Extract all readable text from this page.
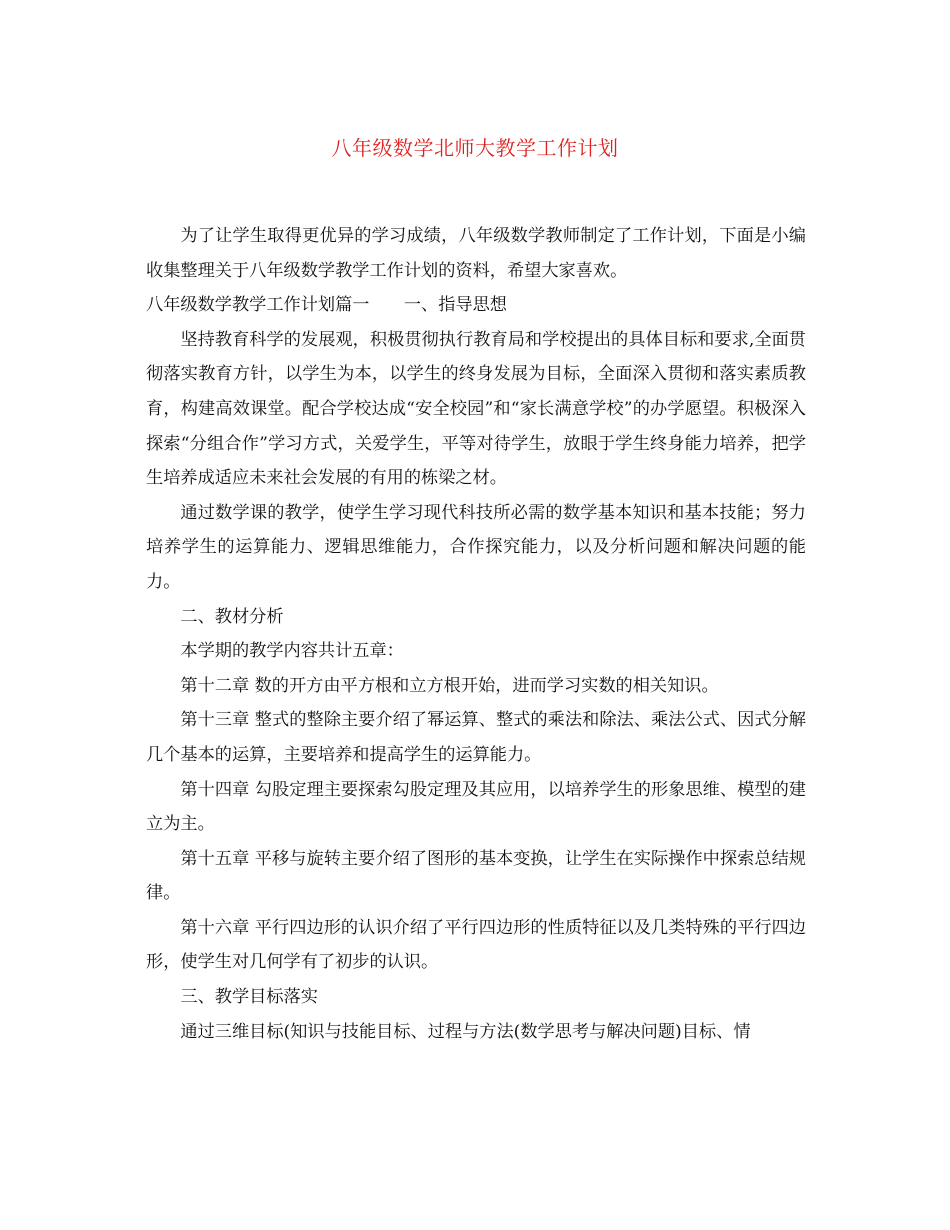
八年级数学北师大教学工作计划

为了让学生取得更优异的学习成绩，八年级数学教师制定了工作计划，下面是小编收集整理关于八年级数学教学工作计划的资料，希望大家喜欢。

八年级数学教学工作计划篇一　　一、指导思想

坚持教育科学的发展观，积极贯彻执行教育局和学校提出的具体目标和要求,全面贯彻落实教育方针，以学生为本，以学生的终身发展为目标，全面深入贯彻和落实素质教育，构建高效课堂。配合学校达成“安全校园”和“家长满意学校”的办学愿望。积极深入探索“分组合作”学习方式，关爱学生，平等对待学生，放眼于学生终身能力培养，把学生培养成适应未来社会发展的有用的栋梁之材。

通过数学课的教学，使学生学习现代科技所必需的数学基本知识和基本技能；努力培养学生的运算能力、逻辑思维能力，合作探究能力，以及分析问题和解决问题的能力。

二、教材分析

本学期的教学内容共计五章：

第十二章 数的开方由平方根和立方根开始，进而学习实数的相关知识。

第十三章 整式的整除主要介绍了幂运算、整式的乘法和除法、乘法公式、因式分解几个基本的运算，主要培养和提高学生的运算能力。

第十四章 勾股定理主要探索勾股定理及其应用，以培养学生的形象思维、模型的建立为主。

第十五章 平移与旋转主要介绍了图形的基本变换，让学生在实际操作中探索总结规律。

第十六章 平行四边形的认识介绍了平行四边形的性质特征以及几类特殊的平行四边形，使学生对几何学有了初步的认识。

三、教学目标落实

通过三维目标(知识与技能目标、过程与方法(数学思考与解决问题)目标、情
